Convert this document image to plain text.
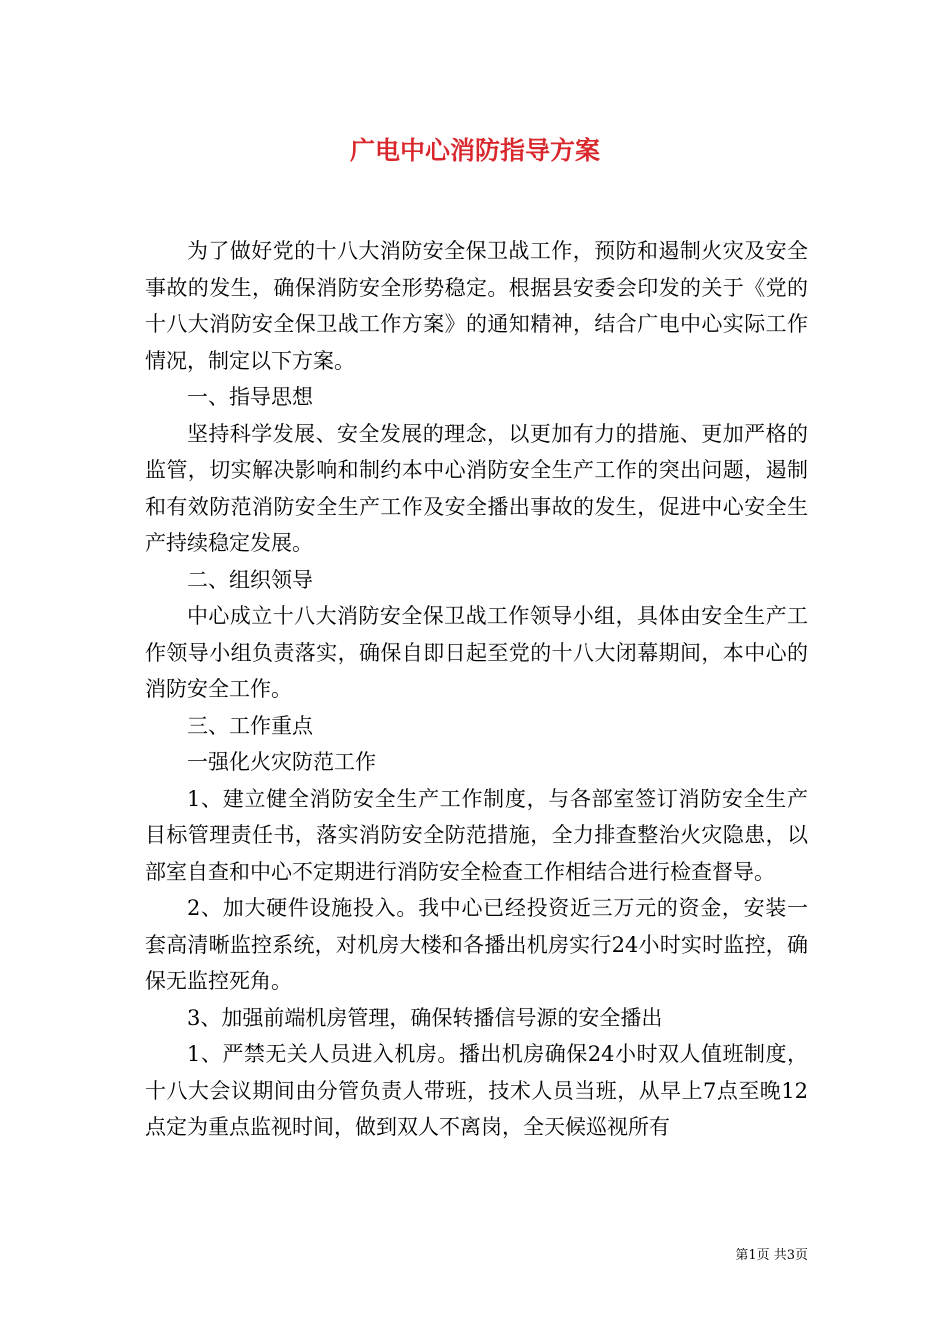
广电中心消防指导方案

为了做好党的十八大消防安全保卫战工作，预防和遏制火灾及安全事故的发生，确保消防安全形势稳定。根据县安委会印发的关于《党的十八大消防安全保卫战工作方案》的通知精神，结合广电中心实际工作情况，制定以下方案。

一、指导思想

坚持科学发展、安全发展的理念，以更加有力的措施、更加严格的监管，切实解决影响和制约本中心消防安全生产工作的突出问题，遏制和有效防范消防安全生产工作及安全播出事故的发生，促进中心安全生产持续稳定发展。

二、组织领导

中心成立十八大消防安全保卫战工作领导小组，具体由安全生产工作领导小组负责落实，确保自即日起至党的十八大闭幕期间，本中心的消防安全工作。

三、工作重点

一强化火灾防范工作

1、建立健全消防安全生产工作制度，与各部室签订消防安全生产目标管理责任书，落实消防安全防范措施，全力排查整治火灾隐患，以部室自查和中心不定期进行消防安全检查工作相结合进行检查督导。

2、加大硬件设施投入。我中心已经投资近三万元的资金，安装一套高清晰监控系统，对机房大楼和各播出机房实行24小时实时监控，确保无监控死角。

3、加强前端机房管理，确保转播信号源的安全播出

1、严禁无关人员进入机房。播出机房确保24小时双人值班制度，十八大会议期间由分管负责人带班，技术人员当班，从早上7点至晚12点定为重点监视时间，做到双人不离岗，全天候巡视所有

第1页 共3页
